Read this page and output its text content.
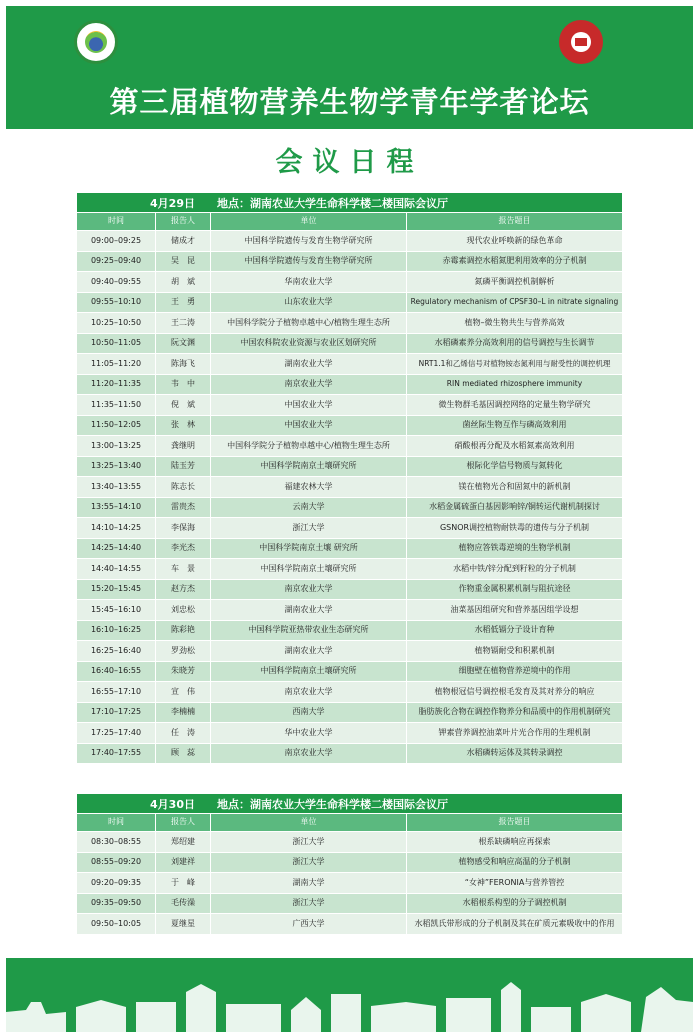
第三届植物营养生物学青年学者论坛
会议日程
4月29日	地点：湖南农业大学生命科学楼二楼国际会议厅
时间	报告人	单位	报告题目
09:00–09:25	储成才	中国科学院遗传与发育生物学研究所	现代农业呼唤新的绿色革命
09:25–09:40	吴　昆	中国科学院遗传与发育生物学研究所	赤霉素调控水稻氮肥利用效率的分子机制
09:40–09:55	胡　斌	华南农业大学	氮磷平衡调控机制解析
09:55–10:10	王　勇	山东农业大学	Regulatory mechanism of CPSF30–L in nitrate signaling
10:25–10:50	王二涛	中国科学院分子植物卓越中心/植物生理生态所	植物–微生物共生与营养高效
10:50–11:05	阮文渊	中国农科院农业资源与农业区划研究所	水稻磷素养分高效利用的信号调控与生长调节
11:05–11:20	陈海飞	湖南农业大学	NRT1.1和乙烯信号对植物铵态氮利用与耐受性的调控机理
11:20–11:35	韦　中	南京农业大学	RIN mediated rhizosphere immunity
11:35–11:50	倪　斌	中国农业大学	微生物群毛基因调控网络的定量生物学研究
11:50–12:05	张　林	中国农业大学	菌丝际生物互作与磷高效利用
13:00–13:25	龚继明	中国科学院分子植物卓越中心/植物生理生态所	硝酸根再分配及水稻氮素高效利用
13:25–13:40	陆玉芳	中国科学院南京土壤研究所	根际化学信号物质与氮转化
13:40–13:55	陈志长	福建农林大学	镁在植物光合和固氮中的新机制
13:55–14:10	雷贵杰	云南大学	水稻金属硫蛋白基因影响锌/铜转运代谢机制探讨
14:10–14:25	李保海	浙江大学	GSNOR调控植物耐铁毒的遗传与分子机制
14:25–14:40	李光杰	中国科学院南京土壤 研究所	植物应答铁毒逆境的生物学机制
14:40–14:55	车　景	中国科学院南京土壤研究所	水稻中铁/锌分配到籽粒的分子机制
15:20–15:45	赵方杰	南京农业大学	作物重金属积累机制与阻抗途径
15:45–16:10	刘忠松	湖南农业大学	油菜基因组研究和营养基因组学设想
16:10–16:25	陈彩艳	中国科学院亚热带农业生态研究所	水稻低镉分子设计育种
16:25–16:40	罗劲松	湖南农业大学	植物镉耐受和积累机制
16:40–16:55	朱晓芳	中国科学院南京土壤研究所	细胞壁在植物营养逆境中的作用
16:55–17:10	宣　伟	南京农业大学	植物根冠信号调控根毛发育及其对养分的响应
17:10–17:25	李楠楠	西南大学	脂肪族化合物在调控作物养分和品质中的作用机制研究
17:25–17:40	任　涛	华中农业大学	钾素营养调控油菜叶片光合作用的生理机制
17:40–17:55	顾　蕊	南京农业大学	水稻磷转运体及其转录调控
4月30日	地点：湖南农业大学生命科学楼二楼国际会议厅
时间	报告人	单位	报告题目
08:30–08:55	郑绍建	浙江大学	根系缺磷响应再探索
08:55–09:20	刘建祥	浙江大学	植物感受和响应高温的分子机制
09:20–09:35	于　峰	湖南大学	“女神”FERONIA与营养管控
09:35–09:50	毛传澡	浙江大学	水稻根系构型的分子调控机制
09:50–10:05	夏继星	广西大学	水稻凯氏带形成的分子机制及其在矿质元素吸收中的作用
